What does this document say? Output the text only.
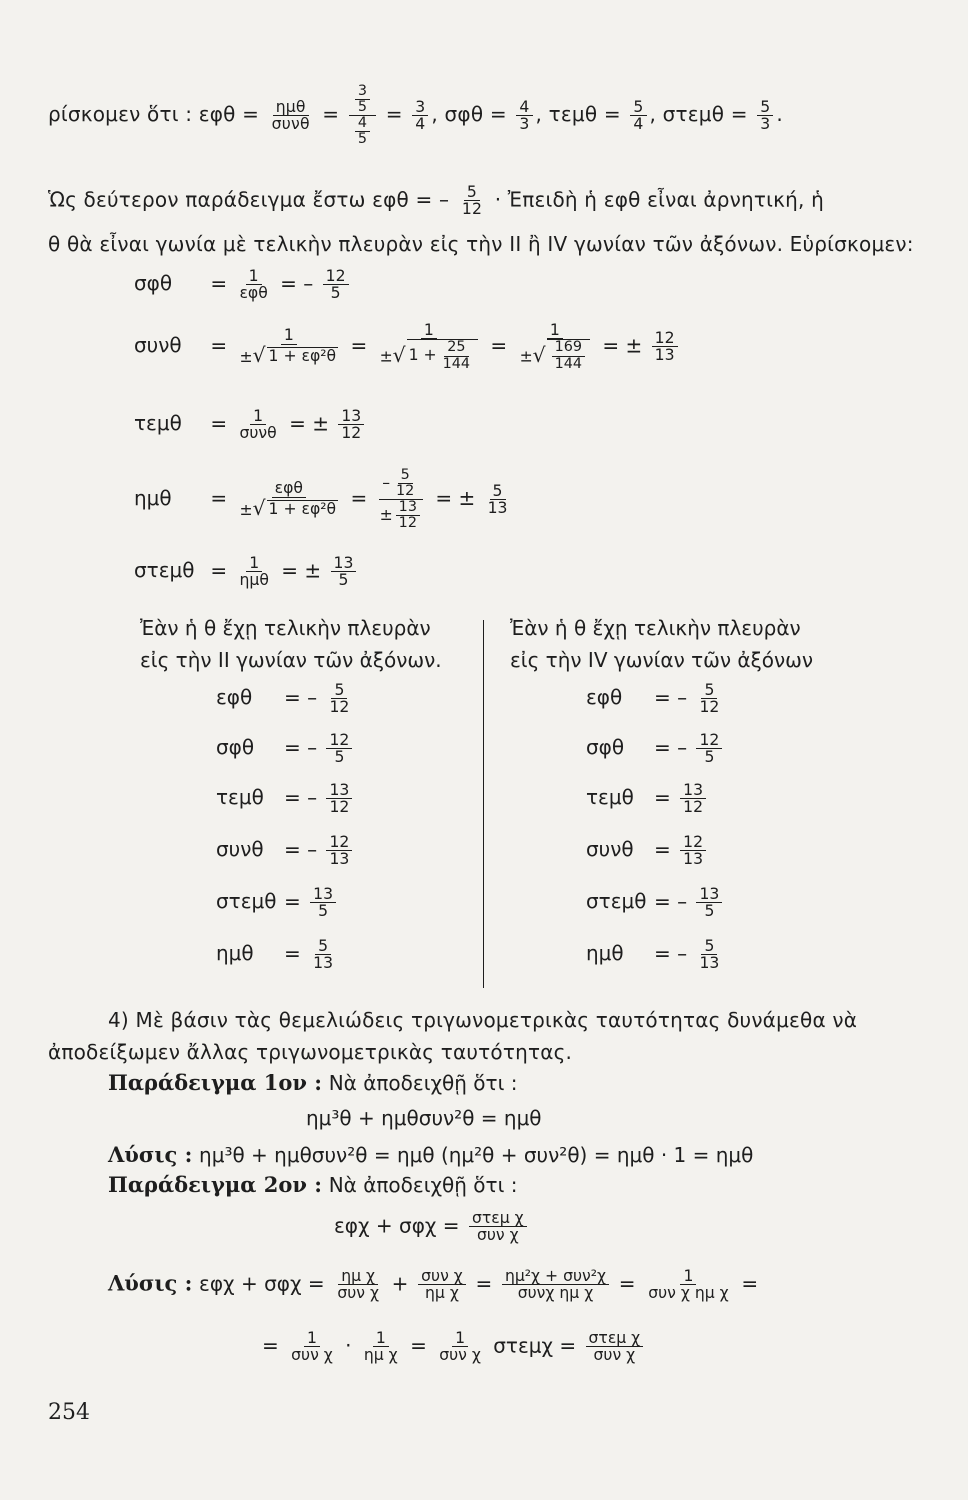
ρίσκομεν ὅτι : $\varepsilon\varphi\theta = \frac{\text{ημθ}}{\text{συνθ}} = \frac{\frac{3}{5}}{\frac{4}{5}} = \frac{3}{4}$ , $\sigma\varphi\theta = \frac{4}{3}$ , $\tau\varepsilon\mu\theta = \frac{5}{4}$ , $\sigma\tau\varepsilon\mu\theta = \frac{5}{3}$ .
Ὡς δεύτερον παράδειγμα ἔστω εφθ = – $\frac{5}{12}$ · Ἐπειδὴ ἡ εφθ εἶναι ἀρνητική, ἡ
θ θὰ εἶναι γωνία μὲ τελικὴν πλευρὰν εἰς τὴν II ἢ IV γωνίαν τῶν ἀξόνων. Εὑρίσκομεν:
$\sigma\varphi\theta = \frac{1}{\text{εφθ}}$ = – $\frac{12}{5}$
$\sigma\upsilon\nu\theta = \frac{1}{\text{± √ 1 + εφ²θ}} = \frac{1}{\pm √ 1 + \frac{25}{144}} = \frac{1}{\pm √ \frac{169}{144}}$ = ± $\frac{12}{13}$
$\tau\varepsilon\mu\theta = \frac{1}{\text{συνθ}}$ = ± $\frac{13}{12}$
$\eta\mu\theta = \frac{\text{εφθ}}{\text{± √ 1 + εφ²θ}} = \frac{- \frac{5}{12}}{\pm \frac{13}{12}}$ = ± $\frac{5}{13}$
$\sigma\tau\varepsilon\mu\theta = \frac{1}{\text{ημθ}}$ = ± $\frac{13}{5}$
Ἐὰν ἡ θ ἔχῃ τελικὴν πλευρὰν
εἰς τὴν II γωνίαν τῶν ἀξόνων.
εφθ = – $\frac{5}{12}$
σφθ = – $\frac{12}{5}$
τεμθ = – $\frac{13}{12}$
συνθ = – $\frac{12}{13}$
$\sigma\tau\varepsilon\mu\theta = \frac{13}{5}$
$\eta\mu\theta = \frac{5}{13}$
Ἐὰν ἡ θ ἔχῃ τελικὴν πλευρὰν
εἰς τὴν IV γωνίαν τῶν ἀξόνων
εφθ = – $\frac{5}{12}$
σφθ = – $\frac{12}{5}$
$\tau\varepsilon\mu\theta = \frac{13}{12}$
$\sigma\upsilon\nu\theta = \frac{12}{13}$
στεμθ = – $\frac{13}{5}$
ημθ = – $\frac{5}{13}$
4) Μὲ βάσιν τὰς θεμελιώδεις τριγωνομετρικὰς ταυτότητας δυνάμεθα νὰ
ἀποδείξωμεν ἄλλας τριγωνομετρικὰς ταυτότητας.
Παράδειγμα 1ον : Νὰ ἀποδειχθῇ ὅτι :
ημ³θ + ημθσυν²θ = ημθ
Λύσις : ημ³θ + ημθσυν²θ = ημθ (ημ²θ + συν²θ) = ημθ · 1 = ημθ
Παράδειγμα 2ον : Νὰ ἀποδειχθῇ ὅτι :
$\varepsilon\varphi\chi + \sigma\varphi\chi = \frac{\text{στεμ χ}}{\text{συν χ}}$
Λύσις : $\varepsilon\varphi\chi + \sigma\varphi\chi = \frac{\text{ημ χ}}{\text{συν χ}} + \frac{\text{συν χ}}{\text{ημ χ}} = \frac{\text{ημ²χ + συν²χ}}{\text{συνχ ημ χ}} = \frac{1}{\text{συν χ ημ χ}}$ =
= $\frac{1}{\text{συν χ}} \cdot \frac{1}{\text{ημ χ}} = \frac{1}{\text{συν χ}}$ $\sigma\tau\varepsilon\mu\chi = \frac{\text{στεμ χ}}{\text{συν χ}}$
254
